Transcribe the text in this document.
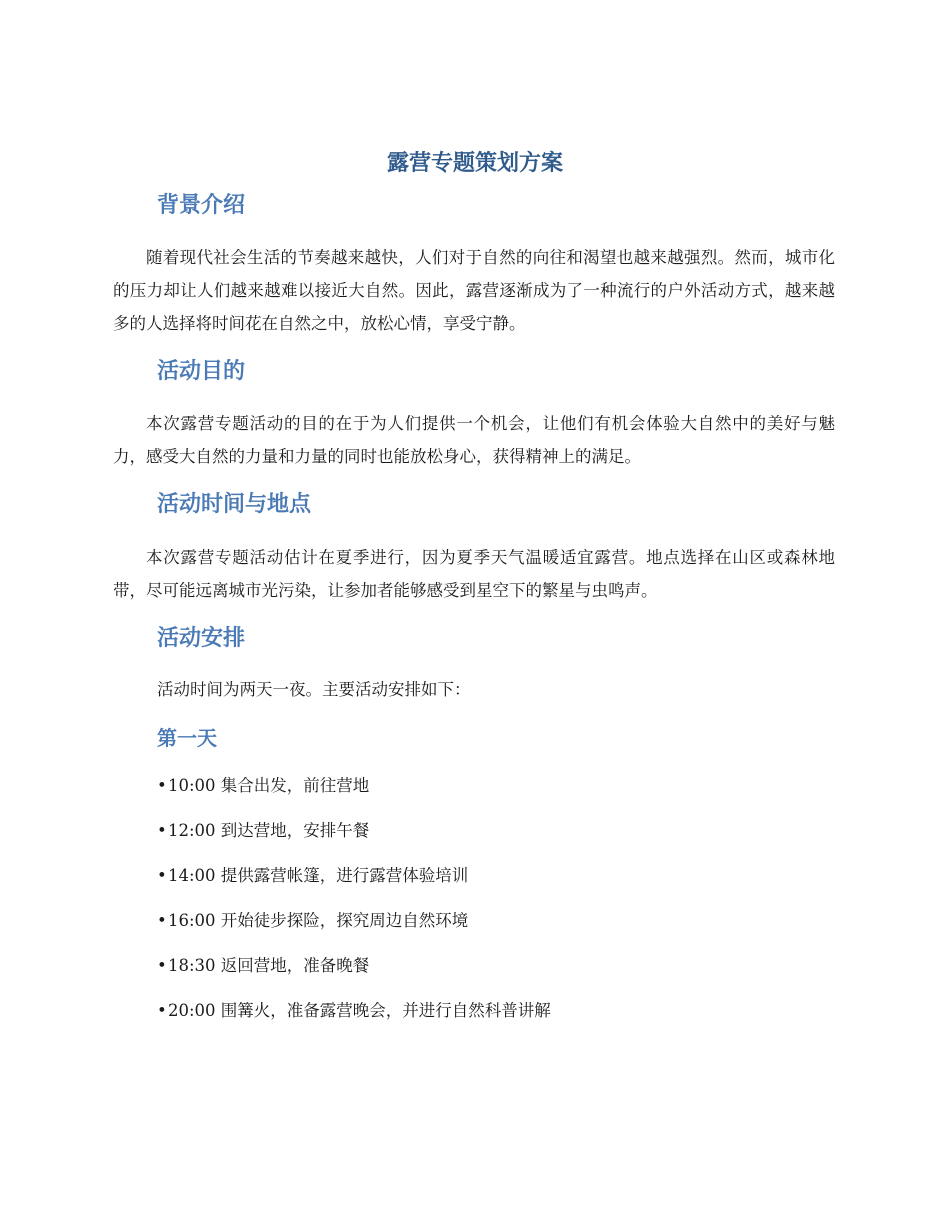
露营专题策划方案
背景介绍

随着现代社会生活的节奏越来越快，人们对于自然的向往和渴望也越来越强烈。然而，城市化的压力却让人们越来越难以接近大自然。因此，露营逐渐成为了一种流行的户外活动方式，越来越多的人选择将时间花在自然之中，放松心情，享受宁静。

活动目的

本次露营专题活动的目的在于为人们提供一个机会，让他们有机会体验大自然中的美好与魅力，感受大自然的力量和力量的同时也能放松身心，获得精神上的满足。

活动时间与地点

本次露营专题活动估计在夏季进行，因为夏季天气温暖适宜露营。地点选择在山区或森林地带，尽可能远离城市光污染，让参加者能够感受到星空下的繁星与虫鸣声。

活动安排

活动时间为两天一夜。主要活动安排如下：

第一天
•10:00 集合出发，前往营地
•12:00 到达营地，安排午餐
•14:00 提供露营帐篷，进行露营体验培训
•16:00 开始徒步探险，探究周边自然环境
•18:30 返回营地，准备晚餐
•20:00 围篝火，准备露营晚会，并进行自然科普讲解
